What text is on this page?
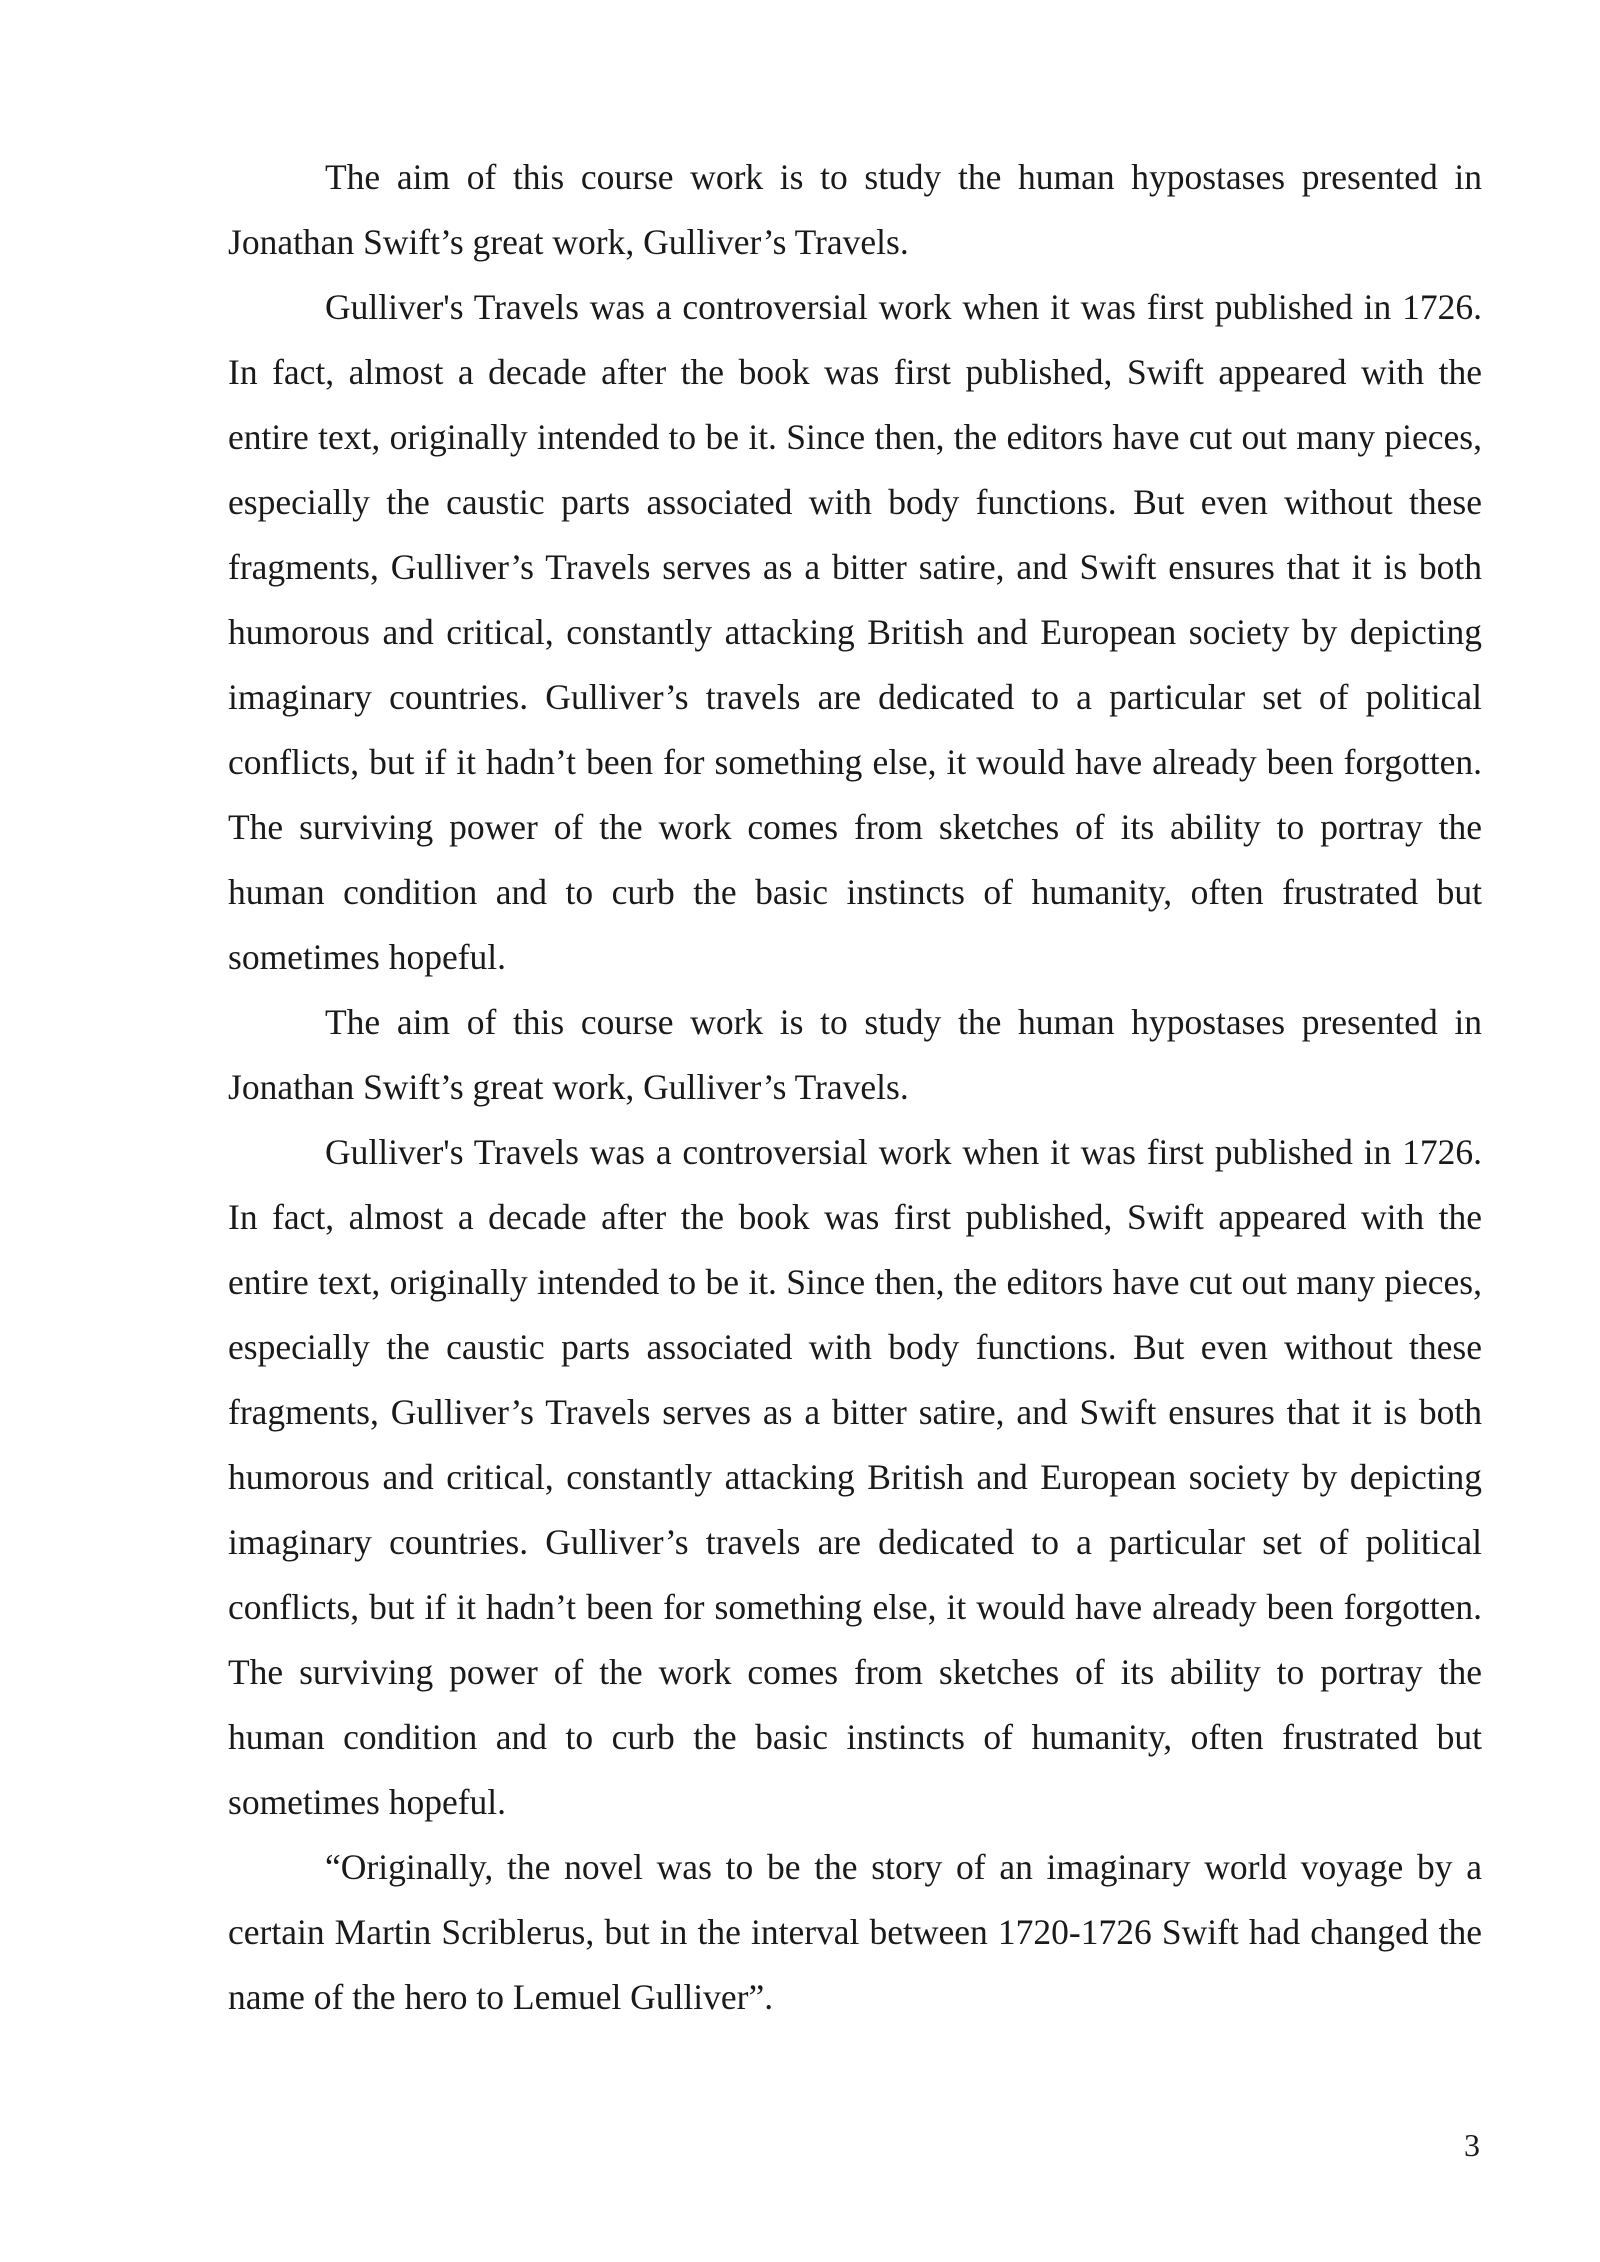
The aim of this course work is to study the human hypostases presented in Jonathan Swift’s great work, Gulliver’s Travels.

Gulliver's Travels was a controversial work when it was first published in 1726. In fact, almost a decade after the book was first published, Swift appeared with the entire text, originally intended to be it. Since then, the editors have cut out many pieces, especially the caustic parts associated with body functions. But even without these fragments, Gulliver’s Travels serves as a bitter satire, and Swift ensures that it is both humorous and critical, constantly attacking British and European society by depicting imaginary countries. Gulliver’s travels are dedicated to a particular set of political conflicts, but if it hadn’t been for something else, it would have already been forgotten. The surviving power of the work comes from sketches of its ability to portray the human condition and to curb the basic instincts of humanity, often frustrated but sometimes hopeful.

The aim of this course work is to study the human hypostases presented in Jonathan Swift’s great work, Gulliver’s Travels.

Gulliver's Travels was a controversial work when it was first published in 1726. In fact, almost a decade after the book was first published, Swift appeared with the entire text, originally intended to be it. Since then, the editors have cut out many pieces, especially the caustic parts associated with body functions. But even without these fragments, Gulliver’s Travels serves as a bitter satire, and Swift ensures that it is both humorous and critical, constantly attacking British and European society by depicting imaginary countries. Gulliver’s travels are dedicated to a particular set of political conflicts, but if it hadn’t been for something else, it would have already been forgotten. The surviving power of the work comes from sketches of its ability to portray the human condition and to curb the basic instincts of humanity, often frustrated but sometimes hopeful.

“Originally, the novel was to be the story of an imaginary world voyage by a certain Martin Scriblerus, but in the interval between 1720-1726 Swift had changed the name of the hero to Lemuel Gulliver”.

3
